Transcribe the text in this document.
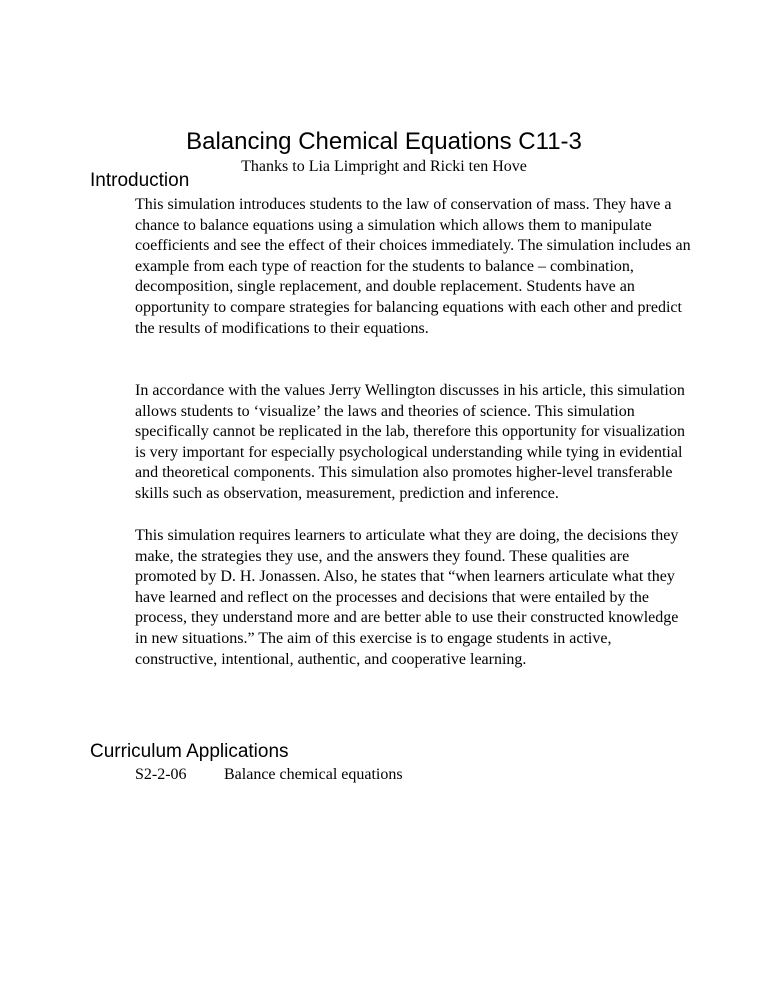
Balancing Chemical Equations C11-3

Thanks to Lia Limpright and Ricki ten Hove

Introduction

This simulation introduces students to the law of conservation of mass. They have a chance to balance equations using a simulation which allows them to manipulate coefficients and see the effect of their choices immediately. The simulation includes an example from each type of reaction for the students to balance – combination, decomposition, single replacement, and double replacement. Students have an opportunity to compare strategies for balancing equations with each other and predict the results of modifications to their equations.

In accordance with the values Jerry Wellington discusses in his article, this simulation allows students to ‘visualize’ the laws and theories of science. This simulation specifically cannot be replicated in the lab, therefore this opportunity for visualization is very important for especially psychological understanding while tying in evidential and theoretical components. This simulation also promotes higher-level transferable skills such as observation, measurement, prediction and inference.

This simulation requires learners to articulate what they are doing, the decisions they make, the strategies they use, and the answers they found. These qualities are promoted by D. H. Jonassen. Also, he states that “when learners articulate what they have learned and reflect on the processes and decisions that were entailed by the process, they understand more and are better able to use their constructed knowledge in new situations.” The aim of this exercise is to engage students in active, constructive, intentional, authentic, and cooperative learning.

Curriculum Applications
S2-2-06 Balance chemical equations
